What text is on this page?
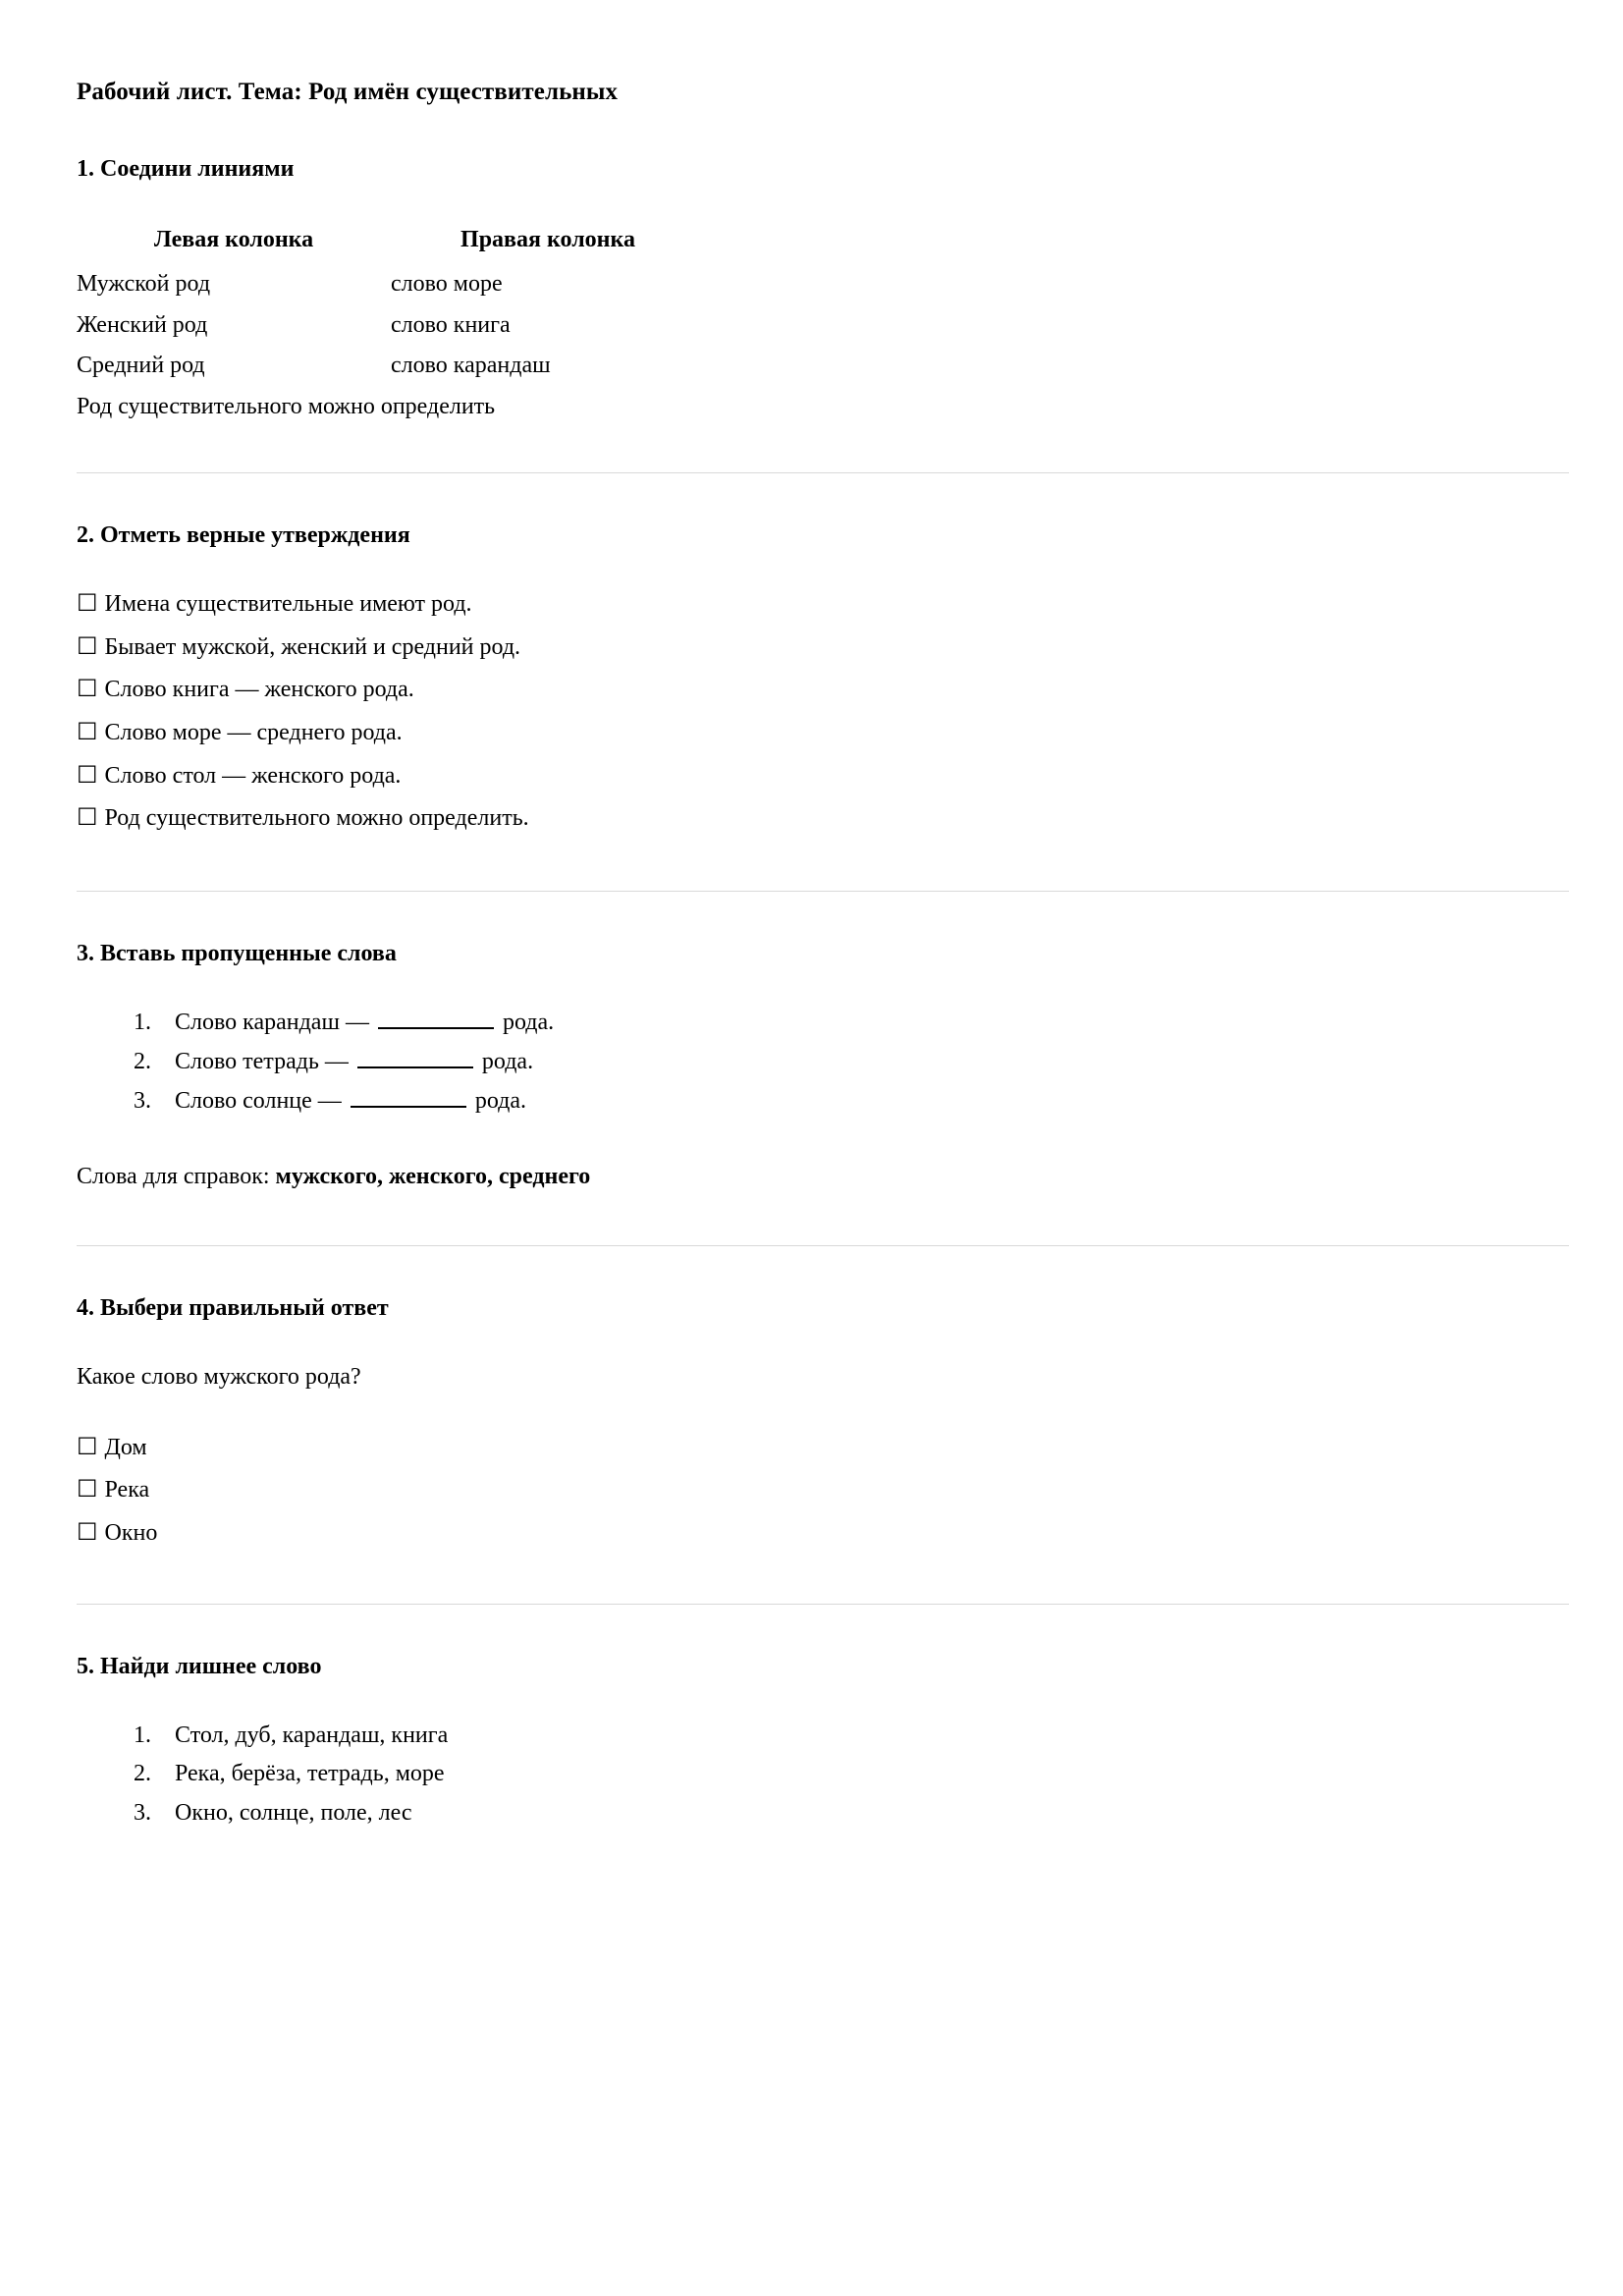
Рабочий лист. Тема: Род имён существительных
1. Соедини линиями
Левая колонка	Правая колонка
Мужской род	слово море
Женский род	слово книга
Средний род	слово карандаш
Род существительного можно определить	
2. Отметь верные утверждения
☐ Имена существительные имеют род.
☐ Бывает мужской, женский и средний род.
☐ Слово книга — женского рода.
☐ Слово море — среднего рода.
☐ Слово стол — женского рода.
☐ Род существительного можно определить.
3. Вставь пропущенные слова
1. Слово карандаш —	рода.
2. Слово тетрадь —	рода.
3. Слово солнце —	рода.

Слова для справок: мужского, женского, среднего

4. Выбери правильный ответ

Какое слово мужского рода?

☐ Дом
☐ Река
☐ Окно
5. Найди лишнее слово
1. Стол, дуб, карандаш, книга
2. Река, берёза, тетрадь, море
3. Окно, солнце, поле, лес
